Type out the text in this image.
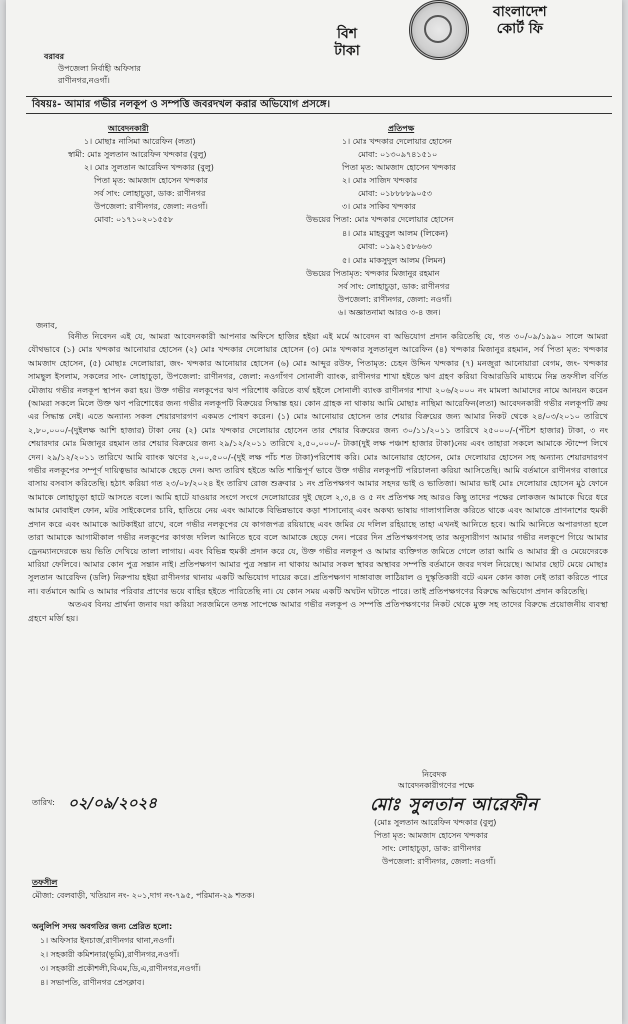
বিশ টাকা
বাংলাদেশ
কোর্ট ফি
বরাবর
উপজেলা নির্বাহী অফিসার
রাণীনগর,নওগাঁ।
বিষয়ঃ- আমার গভীর নলকূপ ও সম্পত্তি জবরদখল করার অভিযোগ প্রসঙ্গে।
আবেদনকারী
১। মোছাঃ নাসিমা আরেফিন (লতা)
স্বামী: মোঃ সুলতান আরেফিন খন্দকার (বুলু)
২। মোঃ সুলতান আরেফিন খন্দকার (বুলু)
পিতা মৃত: আমজাদ হোসেন খন্দকার
সর্ব সাং: লোহাচুড়া, ডাক: রাণীনগর
উপজেলা: রাণীনগর, জেলা: নওগাঁ।
মোবা: ০১৭১০২০১৫৫৮
প্রতিপক্ষ
১। মোঃ খন্দকার দেলোয়ার হোসেন
মোবা: ০১৩০৯৭৪১৫১০
পিতা মৃত: আমজাদ হোসেন খন্দকার
২। মোঃ সাজিদ খন্দকার
মোবা: ০১৮৮৮৮৯০৫৩
৩। মোঃ সাকিব খন্দকার
উভয়ের পিতা: মোঃ খন্দকার দেলোয়ার হোসেন
৪। মোঃ মাহবুবুল আলম (লিকেন)
মোবা: ০১৯২১৫৮৬৬৩
৫। মোঃ মাকসুদুল আলম (লিমন)
উভয়ের পিতামৃত: খন্দকার মিজানুর রহমান
সর্ব সাং: লোহাচুড়া, ডাক: রাণীনগর
উপজেলা: রাণীনগর, জেলা: নওগাঁ।
৬। অজ্ঞাতনামা আরও ৩-৪ জন।
জনাব,

বিনীত নিবেদন এই যে, আমরা আবেদনকারী আপনার অফিসে হাজির হইয়া এই মর্মে আবেদন বা অভিযোগ প্রদান করিতেছি যে, গত ৩০/০৯/১৯৯০ সালে আমরা যৌথভাবে (১) মোঃ খন্দকার আনোয়ার হোসেন (২) মোঃ খন্দকার দেলোয়ার হোসেন (৩) মোঃ খন্দকার সুলতানুল আরেফিন (৪) খন্দকার মিজানুর রহমান, সর্ব পিতা মৃত: খন্দকার আমজাদ হোসেন, (৫) মোছাঃ দেলোয়ারা, জং- খন্দকার আনোয়ার হোসেন (৬) মোঃ আব্দুর রউফ, পিতামৃত: চেহন উদ্দিন খন্দকার (৭) মনজুরা আনোয়ারা বেগম, জং- খন্দকার সামছুল ইসলাম, সকলের সাং- লোহাচুড়া, উপজেলা: রাণীনগর, জেলা: নওগাঁগণ সোনালী ব্যাংক, রাণীনগর শাখা হইতে ঋণ গ্রহণ করিয়া বিআরডিবি মাধ্যমে নিম্ন তফসীল বর্ণিত মৌজায় গভীর নলকূপ স্থাপন করা হয়। উক্ত গভীর নলকূপের ঋণ পরিশোধ করিতে ব্যর্থ হইলে সোনালী ব্যাংক রাণীনগর শাখা ২০৬/২০০০ নং মামলা আমাদের নামে আনয়ন করেন (আমরা সকলে মিলে উক্ত ঋণ পরিশোধের জন্য গভীর নলকূপটি বিক্রয়ের সিদ্ধান্ত হয়। কোন গ্রাহক না থাকায় আমি মোছাঃ নাছিমা আরেফিন(লতা) আবেদনকারী গভীর নলকূপটি ক্রয় এর সিদ্ধান্ত নেই। এতে অন্যান্য সকল শেয়ারদারগণ একমত পোষণ করেন। (১) মোঃ আনোয়ার হোসেন তার শেয়ার বিক্রয়ের জন্য আমার নিকট থেকে ২৪/০৩/২০১০ তারিখে ২,৮০,০০০/-(দুইলক্ষ আশি হাজার) টাকা নেয় (২) মোঃ খন্দকার দেলোয়ার হোসেন তার শেয়ার বিক্রয়ের জন্য ৩০/১১/২০১১ তারিখে ২৫০০০/-(পঁচিশ হাজার) টাকা, ৩ নং শেয়ারদার মোঃ মিজানুর রহমান তার শেয়ার বিক্রয়ের জন্য ২৯/১২/২০১১ তারিখে ২,৫০,০০০/- টাকা(দুই লক্ষ পঞ্চাশ হাজার টাকা)নেয় এবং তাহারা সকলে আমাকে স্টাম্পে লিখে দেন। ২৯/১২/২০১১ তারিখে আমি ব্যাংক ঋণের ২,০০,৫০০/-(দুই লক্ষ পাঁচ শত টাকা)পরিশোধ করি। মোঃ আনোয়ার হোসেন, মোঃ দেলোয়ার হোসেন সহ অন্যান্য শেয়ারদারগণ গভীর নলকূপের সম্পূর্ণ দায়িত্বভার আমাকে ছেড়ে দেন। অদ্য তারিখ হইতে অতি শান্তিপূর্ণ ভাবে উক্ত গভীর নলকূপটি পরিচালনা করিয়া আসিতেছি। আমি বর্তমানে রাণীনগর বাজারে বাসায় বসবাস করিতেছি। হঠাৎ করিয়া গত ২৩/০৮/২০২৪ ইং তারিখ রোজ শুক্রবার ১ নং প্রতিপক্ষগণ আমার সহদর ভাই ও ভাতিজা। আমার ভাই মোঃ দেলোয়ার হোসেন মুঠ ফোনে আমাকে লোহাচুড়া হাটে আসতে বলে। আমি হাটে যাওয়ার সংগে সংগে দেলোয়ারের দুই ছেলে ২,৩,৪ ও ৫ নং প্রতিপক্ষ সহ আরও কিছু তাদের পক্ষের লোকজন আমাকে ঘিরে ধরে আমার মোবাইল ফোন, মটর সাইকেলের চাবি, হাতিয়ে নেয় এবং আমাকে বিভিন্নভাবে কড়া শাসানোর্ এবং অকথ্য ভাষায় গালাগালিজ করিতে থাকে এবং আমাকে প্রাণনাশের হুমকী প্রদান করে এবং আমাকে আটকাইয়া রাখে, বলে গভীর নলকূপের যে কাগজপত্র রয়িয়াছে এবং জমির যে দলিল রহিয়াছে তাহা এখনই আনিতে হবে। আমি আনিতে অপারগতা হলে তারা আমাকে আগামীকাল গভীর নলকূপের কাগজ দলিল আনিতে হবে বলে আমাকে ছেড়ে দেন। পরের দিন প্রতিপক্ষগণসহ তার অনুসারীগণ আমার গভীর নলকূপে গিয়ে আমার ড্রেনম্যানদেরকে ভয় ভিতি দেখিয়ে তালা লাগায়। এবং বিভিন্ন হুমকী প্রদান করে যে, উক্ত গভীর নলকূপ ও আমার ব্যক্তিগত জমিতে গেলে তারা আমি ও আমার স্ত্রী ও মেয়েদেরকে মারিয়া ফেলিবে। আমার কোন পুত্র সন্তান নাই। প্রতিপক্ষগণ আমার পুত্র সন্তান না থাকায় আমার সকল স্থাবর অস্থাবর সম্পত্তি বর্তমানে জবর দখল নিয়েছে। আমার ছোট মেয়ে মোছাঃ সুলতান আরেফিন (ডলি) নিরুপায় হইয়া রাণীনগর থানায় একটি অভিযোগ দায়ের করে। প্রতিপক্ষগণ দাঙ্গাবাজ লাঠিয়াল ও দুস্কৃতিকারী বটে এমন কোন কাজ নেই তারা করিতে পারে না। বর্তমানে আমি ও আমার পরিবার প্রাণের ভয়ে বাহির হইতে পারিতেছি না। যে কোন সময় একটি অঘটন ঘটাতে পারে। তাই প্রতিপক্ষগণের বিরুদ্ধে অভিযোগ প্রদান করিতেছি।

অতএব বিনয় প্রার্থনা জনাব দয়া করিয়া সরজমিনে তদন্ত সাপেক্ষে আমার গভীর নলকূপ ও সম্পত্তি প্রতিপক্ষগণের নিকট থেকে মুক্ত সহ তাদের বিরুদ্ধে প্রয়োজনীয় ব্যবস্থা গ্রহণে মর্জি হয়।

নিবেদক
আবেদনকারীগণের পক্ষে
মোঃ সুলতান আরেফীন
(মোঃ সুলতান আরেফিন খন্দকার (বুলু)
পিতা মৃত: আমজাদ হোসেন খন্দকার
সাং: লোহাচুড়া, ডাক: রাণীনগর
উপজেলা: রাণীনগর, জেলা: নওগাঁ।
তারিখ: ০২/০৯/২০২৪
তফসীল
মৌজা: বেলবাড়ী, খতিয়ান নং- ২০১,দাগ নং-৭৯৫, পরিমান-২৯ শতক।
অনুলিপি সদয় অবগতির জন্য প্রেরিত হলো:
১। অফিসার ইনচার্জ,রাণীনগর থানা,নওগাঁ।
২। সহকারী কমিশনার(ভূমি),রাণীনগর,নওগাঁ।
৩। সহকারী প্রকৌশলী,বিএম,ডি,এ,রাণীনগর,নওগাঁ।
৪। সভাপতি, রাণীনগর প্রেসক্লাব।
